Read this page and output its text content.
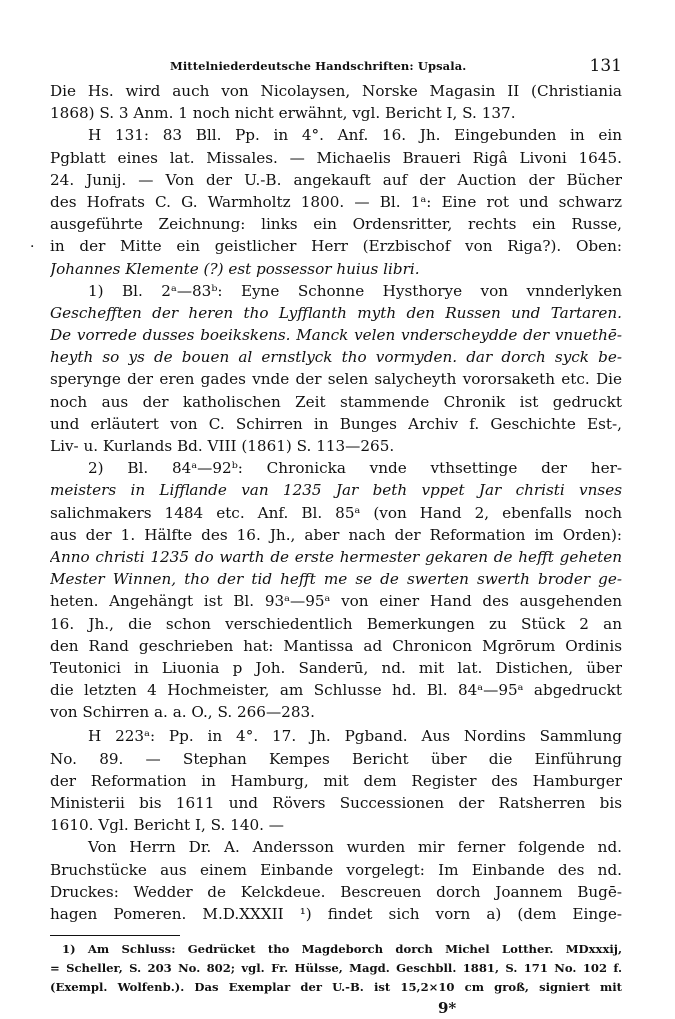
Mittelniederdeutsche Handschriften: Upsala.	131
Die Hs. wird auch von Nicolaysen, Norske Magasin II (Christiania
1868) S. 3 Anm. 1 noch nicht erwähnt, vgl. Bericht I, S. 137.
H 131: 83 Bll. Pp. in 4°. Anf. 16. Jh. Eingebunden in ein
Pgblatt eines lat. Missales. — Michaelis Braueri Rigâ Livoni 1645.
24. Junij. — Von der U.-B. angekauft auf der Auction der Bücher
des Hofrats C. G. Warmholtz 1800. — Bl. 1ᵃ: Eine rot und schwarz
ausgeführte Zeichnung: links ein Ordensritter, rechts ein Russe,
in der Mitte ein geistlicher Herr (Erzbischof von Riga?). Oben:
Johannes Klemente (?) est possessor huius libri.
1) Bl. 2ᵃ—83ᵇ: Eyne Schonne Hysthorye von vnnderlyken
Geschefften der heren tho Lyfflanth myth den Russen und Tartaren.
De vorrede dusses boeikskens. Manck velen vnderscheydde der vnuethē-
heyth so ys de bouen al ernstlyck tho vormyden. dar dorch syck be-
sperynge der eren gades vnde der selen salycheyth vororsaketh etc. Die
noch aus der katholischen Zeit stammende Chronik ist gedruckt
und erläutert von C. Schirren in Bunges Archiv f. Geschichte Est-,
Liv- u. Kurlands Bd. VIII (1861) S. 113—265.
2) Bl. 84ᵃ—92ᵇ: Chronicka vnde vthsettinge der her-
meisters in Lifflande van 1235 Jar beth vppet Jar christi vnses
salichmakers 1484 etc. Anf. Bl. 85ᵃ (von Hand 2, ebenfalls noch
aus der 1. Hälfte des 16. Jh., aber nach der Reformation im Orden):
Anno christi 1235 do warth de erste hermester gekaren de hefft geheten
Mester Winnen, tho der tid hefft me se de swerten swerth broder ge-
heten. Angehängt ist Bl. 93ᵃ—95ᵃ von einer Hand des ausgehenden
16. Jh., die schon verschiedentlich Bemerkungen zu Stück 2 an
den Rand geschrieben hat: Mantissa ad Chronicon Mgrōrum Ordinis
Teutonici in Liuonia p Joh. Sanderū, nd. mit lat. Distichen, über
die letzten 4 Hochmeister, am Schlusse hd. Bl. 84ᵃ—95ᵃ abgedruckt
von Schirren a. a. O., S. 266—283.
H 223ᵃ: Pp. in 4°. 17. Jh. Pgband. Aus Nordins Sammlung
No. 89. — Stephan Kempes Bericht über die Einführung
der Reformation in Hamburg, mit dem Register des Hamburger
Ministerii bis 1611 und Rövers Successionen der Ratsherren bis
1610. Vgl. Bericht I, S. 140. —
Von Herrn Dr. A. Andersson wurden mir ferner folgende nd.
Bruchstücke aus einem Einbande vorgelegt: Im Einbande des nd.
Druckes: Wedder de Kelckdeue. Bescreuen dorch Joannem Bugē-
hagen Pomeren. M.D.XXXII ¹) findet sich vorn a) (dem Einge-
1) Am Schluss: Gedrücket tho Magdeborch dorch Michel Lotther. MDxxxij,
= Scheller, S. 203 No. 802; vgl. Fr. Hülsse, Magd. Geschbll. 1881, S. 171 No. 102 f.
(Exempl. Wolfenb.). Das Exemplar der U.-B. ist 15,2×10 cm groß, signiert mit
9*
·
